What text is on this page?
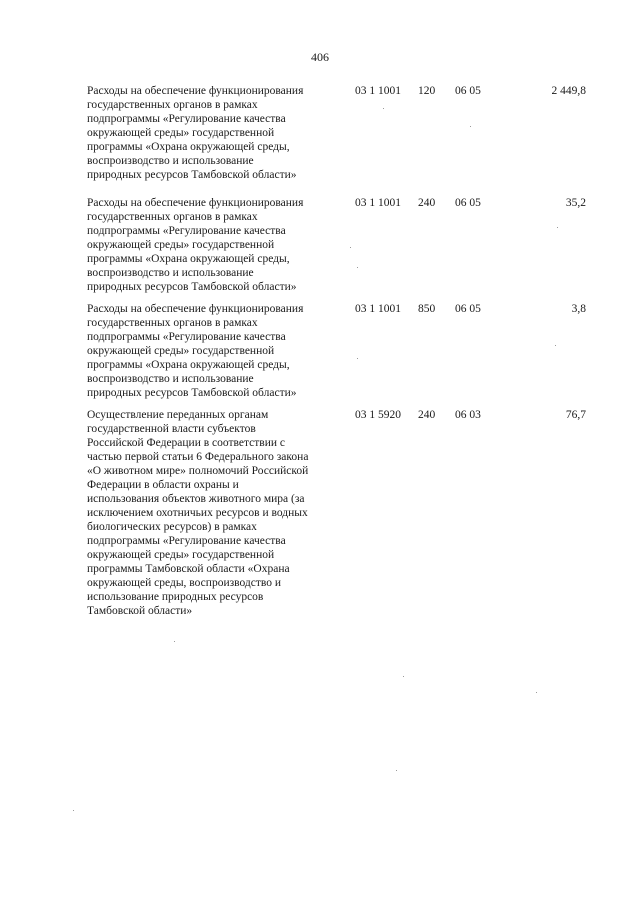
406
Расходы на обеспечение функционирования
государственных органов в рамках
подпрограммы «Регулирование качества
окружающей среды» государственной
программы «Охрана окружающей среды,
воспроизводство и использование
природных ресурсов Тамбовской области»
03 1 1001 120 06 05	2 449,8
Расходы на обеспечение функционирования
государственных органов в рамках
подпрограммы «Регулирование качества
окружающей среды» государственной
программы «Охрана окружающей среды,
воспроизводство и использование
природных ресурсов Тамбовской области»
03 1 1001 240 06 05	35,2
Расходы на обеспечение функционирования
государственных органов в рамках
подпрограммы «Регулирование качества
окружающей среды» государственной
программы «Охрана окружающей среды,
воспроизводство и использование
природных ресурсов Тамбовской области»
03 1 1001 850 06 05	3,8
Осуществление переданных органам
государственной власти субъектов
Российской Федерации в соответствии с
частью первой статьи 6 Федерального закона
«О животном мире» полномочий Российской
Федерации в области охраны и
использования объектов животного мира (за
исключением охотничьих ресурсов и водных
биологических ресурсов) в рамках
подпрограммы «Регулирование качества
окружающей среды» государственной
программы Тамбовской области «Охрана
окружающей среды, воспроизводство и
использование природных ресурсов
Тамбовской области»
03 1 5920 240 06 03	76,7
